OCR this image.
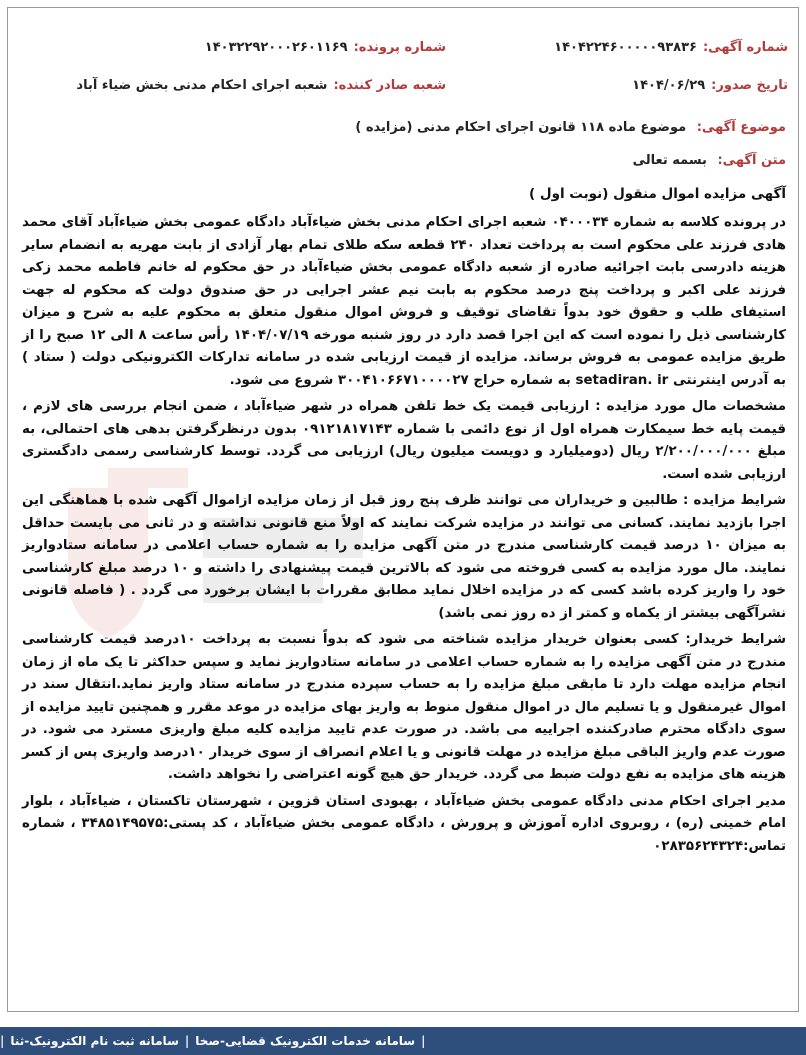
شماره آگهی:۱۴۰۴۲۲۴۶۰۰۰۰۰۹۳۸۳۶
شماره پرونده:۱۴۰۳۲۲۹۲۰۰۰۲۶۰۱۱۶۹
تاریخ صدور:۱۴۰۴/۰۶/۲۹
شعبه صادر کننده:شعبه اجرای احکام مدنی بخش ضیاء آباد
موضوع آگهی: موضوع ماده ۱۱۸ قانون اجرای احکام مدنی (مزایده )
متن آگهی: بسمه تعالی
آگهی مزایده اموال منقول (نوبت اول )

در پرونده کلاسه به شماره ۰۴۰۰۰۳۴ شعبه اجرای احکام مدنی بخش ضیاءآباد دادگاه عمومی بخش ضیاءآباد آقای محمد هادی فرزند علی محکوم است به پرداخت تعداد ۲۴۰ قطعه سکه طلای تمام بهار آزادی از بابت مهریه به انضمام سایر هزینه دادرسی بابت اجرائیه صادره از شعبه دادگاه عمومی بخش ضیاءآباد در حق محکوم له خانم فاطمه محمد زکی فرزند علی اکبر و پرداخت پنج درصد محکوم به بابت نیم عشر اجرایی در حق صندوق دولت که محکوم له جهت استیفای طلب و حقوق خود بدواً تقاضای توقیف و فروش اموال منقول متعلق به محکوم علیه به شرح و میزان کارشناسی ذیل را نموده است که این اجرا قصد دارد در روز شنبه مورخه ۱۴۰۴/۰۷/۱۹ رأس ساعت ۸ الی ۱۲ صبح را از طریق مزایده عمومی به فروش برساند. مزایده از قیمت ارزیابی شده در سامانه تدارکات الکترونیکی دولت ( ستاد ) به آدرس اینترنتی setadiran. ir به شماره حراج ۳۰۰۴۱۰۶۶۷۱۰۰۰۰۲۷ شروع می شود.

مشخصات مال مورد مزایده : ارزیابی قیمت یک خط تلفن همراه در شهر ضیاءآباد ، ضمن انجام بررسی های لازم ، قیمت پایه خط سیمکارت همراه اول از نوع دائمی با شماره ۰۹۱۲۱۸۱۷۱۴۳ بدون درنظرگرفتن بدهی های احتمالی، به مبلغ ۲/۲۰۰/۰۰۰/۰۰۰ ریال (دومیلیارد و دویست میلیون ریال) ارزیابی می گردد. توسط کارشناسی رسمی دادگستری ارزیابی شده است.

شرایط مزایده : طالبین و خریداران می توانند ظرف پنج روز قبل از زمان مزایده ازاموال آگهی شده با هماهنگی این اجرا بازدید نمایند. کسانی می توانند در مزایده شرکت نمایند که اولاً منع قانونی نداشته و در ثانی می بایست حداقل به میزان ۱۰ درصد قیمت کارشناسی مندرج در متن آگهی مزایده را به شماره حساب اعلامی در سامانه ستادواریز نمایند. مال مورد مزایده به کسی فروخته می شود که بالاترین قیمت پیشنهادی را داشته و ۱۰ درصد مبلغ کارشناسی خود را واریز کرده باشد کسی که در مزایده اخلال نماید مطابق مقررات با ایشان برخورد می گردد . ( فاصله قانونی نشرآگهی بیشتر از یکماه و کمتر از ده روز نمی باشد)

شرایط خریدار: کسی بعنوان خریدار مزایده شناخته می شود که بدواً نسبت به پرداخت ۱۰درصد قیمت کارشناسی مندرج در متن آگهی مزایده را به شماره حساب اعلامی در سامانه ستادواریز نماید و سپس حداکثر تا یک ماه از زمان انجام مزایده مهلت دارد تا مابقی مبلغ مزایده را به حساب سپرده مندرج در سامانه ستاد واریز نماید.انتقال سند در اموال غیرمنقول و یا تسلیم مال در اموال منقول منوط به واریز بهای مزایده در موعد مقرر و همچنین تایید مزایده از سوی دادگاه محترم صادرکننده اجراییه می باشد. در صورت عدم تایید مزایده کلیه مبلغ واریزی مسترد می شود. در صورت عدم واریز الباقی مبلغ مزایده در مهلت قانونی و یا اعلام انصراف از سوی خریدار ۱۰درصد واریزی پس از کسر هزینه های مزایده به نفع دولت ضبط می گردد. خریدار حق هیچ گونه اعتراضی را نخواهد داشت.

مدیر اجرای احکام مدنی دادگاه عمومی بخش ضیاءآباد ، بهبودی استان قزوین ، شهرستان تاکستان ، ضیاءآباد ، بلوار امام خمینی (ره) ، روبروی اداره آموزش و پرورش ، دادگاه عمومی بخش ضیاءآباد ، کد پستی:۳۴۸۵۱۴۹۵۷۵ ، شماره تماس:۰۲۸۳۵۶۲۴۳۲۴

|
سامانه خدمات الکترونیک قضایی-صخا
|
سامانه ثبت نام الکترونیک-ثنا
|
